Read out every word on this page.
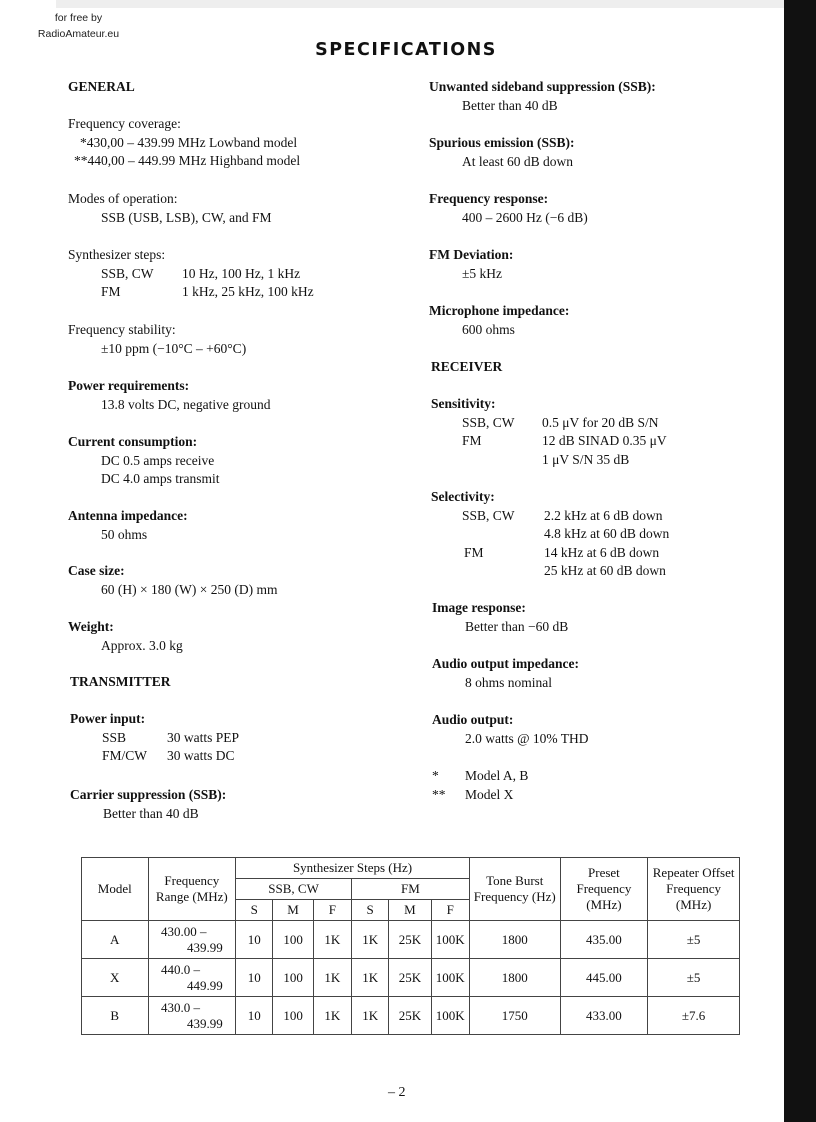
for free by
RadioAmateur.eu
SPECIFICATIONS
GENERAL
Frequency coverage:
*430,00 – 439.99 MHz Lowband model
**440,00 – 449.99 MHz Highband model
Modes of operation:
SSB (USB, LSB), CW, and FM
Synthesizer steps:
SSB, CW 10 Hz, 100 Hz, 1 kHz
FM	1 kHz, 25 kHz, 100 kHz
Frequency stability:
±10 ppm (−10°C – +60°C)
Power requirements:
13.8 volts DC, negative ground
Current consumption:
DC 0.5 amps receive
DC 4.0 amps transmit
Antenna impedance:
50 ohms
Case size:
60 (H) × 180 (W) × 250 (D) mm
Weight:
Approx. 3.0 kg
TRANSMITTER
Power input:
SSB	30 watts PEP
FM/CW 30 watts DC
Carrier suppression (SSB):
Better than 40 dB
Unwanted sideband suppression (SSB):
Better than 40 dB
Spurious emission (SSB):
At least 60 dB down
Frequency response:
400 – 2600 Hz (−6 dB)
FM Deviation:
±5 kHz
Microphone impedance:
600 ohms
RECEIVER
Sensitivity:
SSB, CW 0.5 μV for 20 dB S/N
FM	12 dB SINAD 0.35 μV
1 μV S/N 35 dB
Selectivity:
SSB, CW 2.2 kHz at 6 dB down
4.8 kHz at 60 dB down
FM	14 kHz at 6 dB down
25 kHz at 60 dB down
Image response:
Better than −60 dB
Audio output impedance:
8 ohms nominal
Audio output:
2.0 watts @ 10% THD
* Model A, B
** Model X
Model	Frequency Range (MHz)	Synthesizer Steps (Hz)						Tone Burst Frequency (Hz)	Preset Frequency (MHz)	Repeater Offset Frequency (MHz)
		SSB, CW			FM					
		S	M	F	S	M	F			
A	430.00 –
439.99	10	100	1K	1K	25K	100K	1800	435.00	±5
X	440.0 –
449.99	10	100	1K	1K	25K	100K	1800	445.00	±5
B	430.0 –
439.99	10	100	1K	1K	25K	100K	1750	433.00	±7.6
– 2
